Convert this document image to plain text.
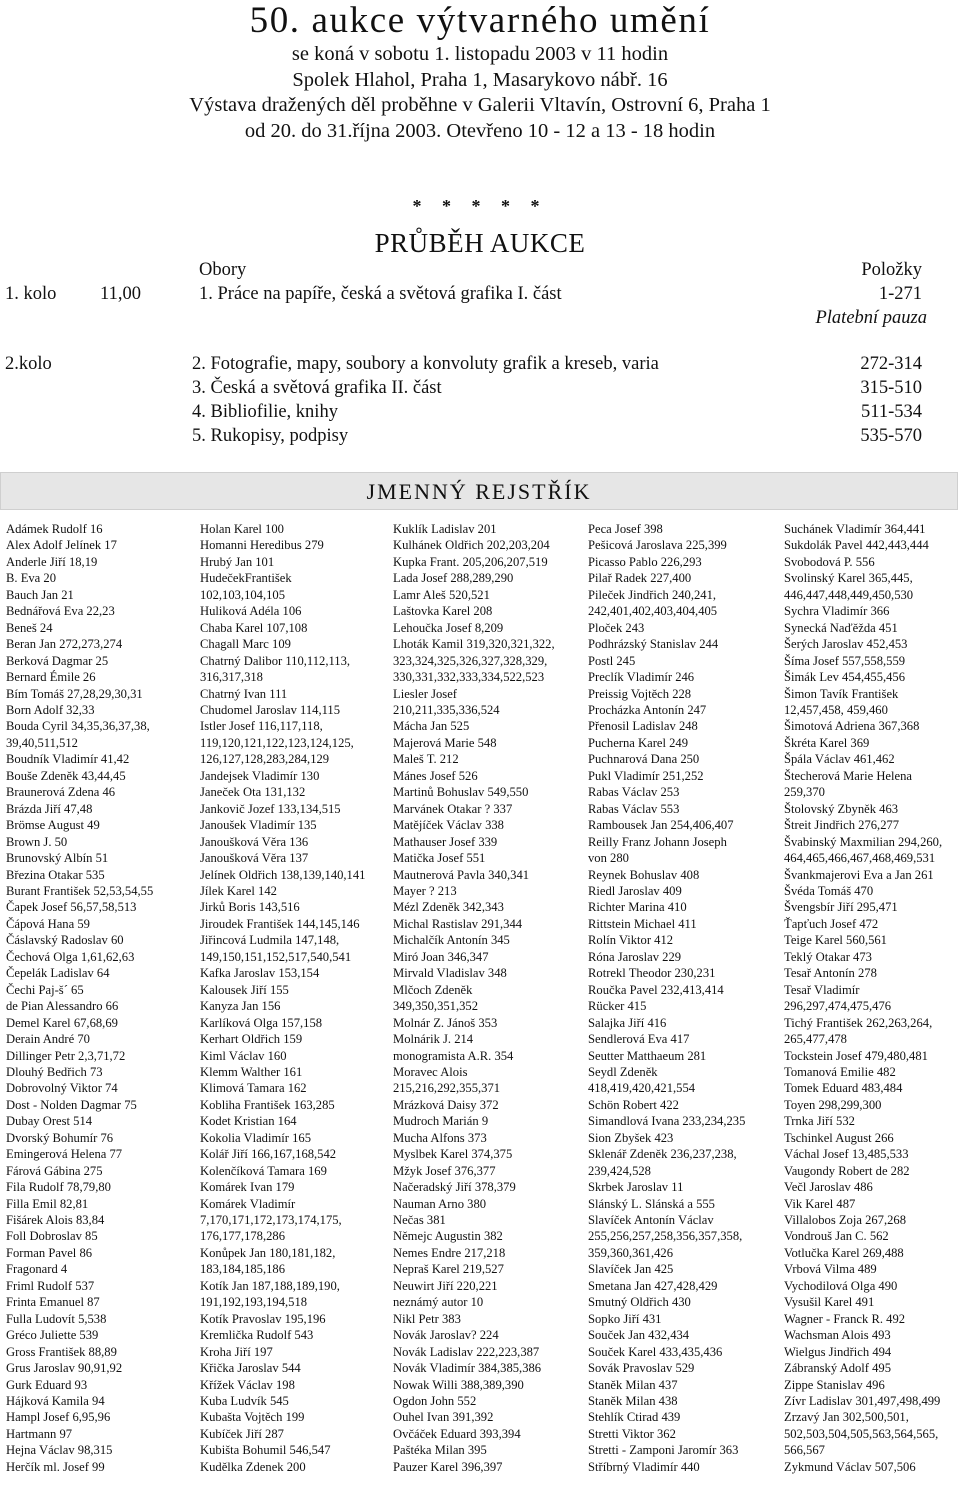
50. aukce výtvarného umění
se koná v sobotu 1. listopadu 2003 v 11 hodin
Spolek Hlahol, Praha 1, Masarykovo nábř. 16
Výstava dražených děl proběhne v Galerii Vltavín, Ostrovní 6, Praha 1
od 20. do 31.října 2003. Otevřeno 10 - 12 a 13 - 18 hodin
* * * * *
PRŮBĚH AUKCE
Obory	Položky
1. kolo 11,00	1. Práce na papíře, česká a světová grafika I. část	1-271
Platební pauza
2.kolo	2. Fotografie, mapy, soubory a konvoluty grafik a kreseb, varia	272-314
3. Česká a světová grafika II. část	315-510
4. Bibliofilie, knihy	511-534
5. Rukopisy, podpisy	535-570
JMENNÝ REJSTŘÍK
Adámek Rudolf 16
Alex Adolf Jelínek 17
Anderle Jiří 18,19
B. Eva 20
Bauch Jan 21
Bednářová Eva 22,23
Beneš 24
Beran Jan 272,273,274
Berková Dagmar 25
Bernard Émile 26
Bím Tomáš 27,28,29,30,31
Born Adolf 32,33
Bouda Cyril 34,35,36,37,38,
39,40,511,512
Boudník Vladimír 41,42
Bouše Zdeněk 43,44,45
Braunerová Zdena 46
Brázda Jiří 47,48
Brömse August 49
Brown J. 50
Brunovský Albín 51
Březina Otakar 535
Burant František 52,53,54,55
Čapek Josef 56,57,58,513
Čápová Hana 59
Čáslavský Radoslav 60
Čechová Olga 1,61,62,63
Čepelák Ladislav 64
Čechi Paj-š´ 65
de Pian Alessandro 66
Demel Karel 67,68,69
Derain André 70
Dillinger Petr 2,3,71,72
Dlouhý Bedřich 73
Dobrovolný Viktor 74
Dost - Nolden Dagmar 75
Dubay Orest 514
Dvorský Bohumír 76
Emingerová Helena 77
Fárová Gábina 275
Fila Rudolf 78,79,80
Filla Emil 82,81
Fišárek Alois 83,84
Foll Dobroslav 85
Forman Pavel 86
Fragonard 4
Friml Rudolf 537
Frinta Emanuel 87
Fulla Ludovít 5,538
Gréco Juliette 539
Gross František 88,89
Grus Jaroslav 90,91,92
Gurk Eduard 93
Hájková Kamila 94
Hampl Josef 6,95,96
Hartmann 97
Hejna Václav 98,315
Herčík ml. Josef 99
Holan Karel 100
Homanni Heredibus 279
Hrubý Jan 101
HudečekFrantišek
102,103,104,105
Huliková Adéla 106
Chaba Karel 107,108
Chagall Marc 109
Chatrný Dalibor 110,112,113,
316,317,318
Chatrný Ivan 111
Chudomel Jaroslav 114,115
Istler Josef 116,117,118,
119,120,121,122,123,124,125,
126,127,128,283,284,129
Jandejsek Vladimír 130
Janeček Ota 131,132
Jankovič Jozef 133,134,515
Janoušek Vladimír 135
Janoušková Věra 136
Janoušková Věra 137
Jelínek Oldřich 138,139,140,141
Jílek Karel 142
Jirků Boris 143,516
Jiroudek František 144,145,146
Jiřincová Ludmila 147,148,
149,150,151,152,517,540,541
Kafka Jaroslav 153,154
Kalousek Jiří 155
Kanyza Jan 156
Karlíková Olga 157,158
Kerhart Oldřich 159
Kiml Václav 160
Klemm Walther 161
Klimová Tamara 162
Kobliha František 163,285
Kodet Kristian 164
Kokolia Vladimír 165
Kolář Jiří 166,167,168,542
Kolenčíková Tamara 169
Komárek Ivan 179
Komárek Vladimír
7,170,171,172,173,174,175,
176,177,178,286
Konůpek Jan 180,181,182,
183,184,185,186
Kotík Jan 187,188,189,190,
191,192,193,194,518
Kotík Pravoslav 195,196
Kremlička Rudolf 543
Kroha Jiří 197
Křička Jaroslav 544
Křížek Václav 198
Kuba Ludvík 545
Kubašta Vojtěch 199
Kubíček Jiří 287
Kubišta Bohumil 546,547
Kudělka Zdenek 200
Kuklík Ladislav 201
Kulhánek Oldřich 202,203,204
Kupka Frant. 205,206,207,519
Lada Josef 288,289,290
Lamr Aleš 520,521
Laštovka Karel 208
Lehoučka Josef 8,209
Lhoták Kamil 319,320,321,322,
323,324,325,326,327,328,329,
330,331,332,333,334,522,523
Liesler Josef
210,211,335,336,524
Mácha Jan 525
Majerová Marie 548
Maleš T. 212
Mánes Josef 526
Martinů Bohuslav 549,550
Marvánek Otakar ? 337
Matějíček Václav 338
Mathauser Josef 339
Matička Josef 551
Mautnerová Pavla 340,341
Mayer ? 213
Mézl Zdeněk 342,343
Michal Rastislav 291,344
Michalčík Antonín 345
Miró Joan 346,347
Mirvald Vladislav 348
Mlčoch Zdeněk
349,350,351,352
Molnár Z. Jánoš 353
Molnárik J. 214
monogramista A.R. 354
Moravec Alois
215,216,292,355,371
Mrázková Daisy 372
Mudroch Marián 9
Mucha Alfons 373
Myslbek Karel 374,375
Mžyk Josef 376,377
Načeradský Jiří 378,379
Nauman Arno 380
Nečas 381
Němejc Augustin 382
Nemes Endre 217,218
Nepraš Karel 219,527
Neuwirt Jiří 220,221
neznámý autor 10
Nikl Petr 383
Novák Jaroslav? 224
Novák Ladislav 222,223,387
Novák Vladimír 384,385,386
Nowak Willi 388,389,390
Ogdon John 552
Ouhel Ivan 391,392
Ovčáček Eduard 393,394
Paštéka Milan 395
Pauzer Karel 396,397
Peca Josef 398
Pešicová Jaroslava 225,399
Picasso Pablo 226,293
Pilař Radek 227,400
Pileček Jindřich 240,241,
242,401,402,403,404,405
Ploček 243
Podhrázský Stanislav 244
Postl 245
Preclík Vladimír 246
Preissig Vojtěch 228
Procházka Antonín 247
Přenosil Ladislav 248
Pucherna Karel 249
Puchnarová Dana 250
Pukl Vladimír 251,252
Rabas Václav 253
Rabas Václav 553
Rambousek Jan 254,406,407
Reilly Franz Johann Joseph
von 280
Reynek Bohuslav 408
Riedl Jaroslav 409
Richter Marina 410
Rittstein Michael 411
Rolín Viktor 412
Róna Jaroslav 229
Rotrekl Theodor 230,231
Roučka Pavel 232,413,414
Rücker 415
Salajka Jiří 416
Sendlerová Eva 417
Seutter Matthaeum 281
Seydl Zdeněk
418,419,420,421,554
Schön Robert 422
Simandlová Ivana 233,234,235
Sion Zbyšek 423
Sklenář Zdeněk 236,237,238,
239,424,528
Skrbek Jaroslav 11
Slánský L. Slánská a 555
Slavíček Antonín Václav
255,256,257,258,356,357,358,
359,360,361,426
Slavíček Jan 425
Smetana Jan 427,428,429
Smutný Oldřich 430
Sopko Jiří 431
Souček Jan 432,434
Souček Karel 433,435,436
Sovák Pravoslav 529
Staněk Milan 437
Staněk Milan 438
Stehlík Ctirad 439
Stretti Viktor 362
Stretti - Zamponi Jaromír 363
Stříbrný Vladimír 440
Suchánek Vladimír 364,441
Sukdolák Pavel 442,443,444
Svobodová P. 556
Svolinský Karel 365,445,
446,447,448,449,450,530
Sychra Vladimír 366
Synecká Naďěžda 451
Šerých Jaroslav 452,453
Šíma Josef 557,558,559
Šimák Lev 454,455,456
Šimon Tavík František
12,457,458, 459,460
Šimotová Adriena 367,368
Škréta Karel 369
Špála Václav 461,462
Štecherová Marie Helena
259,370
Štolovský Zbyněk 463
Štreit Jindřich 276,277
Švabinský Maxmilian 294,260,
464,465,466,467,468,469,531
Švankmajerovi Eva a Jan 261
Švéda Tomáš 470
Švengsbír Jiří 295,471
Ťapťuch Josef 472
Teige Karel 560,561
Teklý Otakar 473
Tesař Antonín 278
Tesař Vladimír
296,297,474,475,476
Tichý František 262,263,264,
265,477,478
Tockstein Josef 479,480,481
Tomanová Emilie 482
Tomek Eduard 483,484
Toyen 298,299,300
Trnka Jiří 532
Tschinkel August 266
Váchal Josef 13,485,533
Vaugondy Robert de 282
Večl Jaroslav 486
Vik Karel 487
Villalobos Zoja 267,268
Vondrouš Jan C. 562
Votlučka Karel 269,488
Vrbová Vilma 489
Vychodilová Olga 490
Vysušil Karel 491
Wagner - Franck R. 492
Wachsman Alois 493
Wielgus Jindřich 494
Zábranský Adolf 495
Zippe Stanislav 496
Zívr Ladislav 301,497,498,499
Zrzavý Jan 302,500,501,
502,503,504,505,563,564,565,
566,567
Zykmund Václav 507,506
